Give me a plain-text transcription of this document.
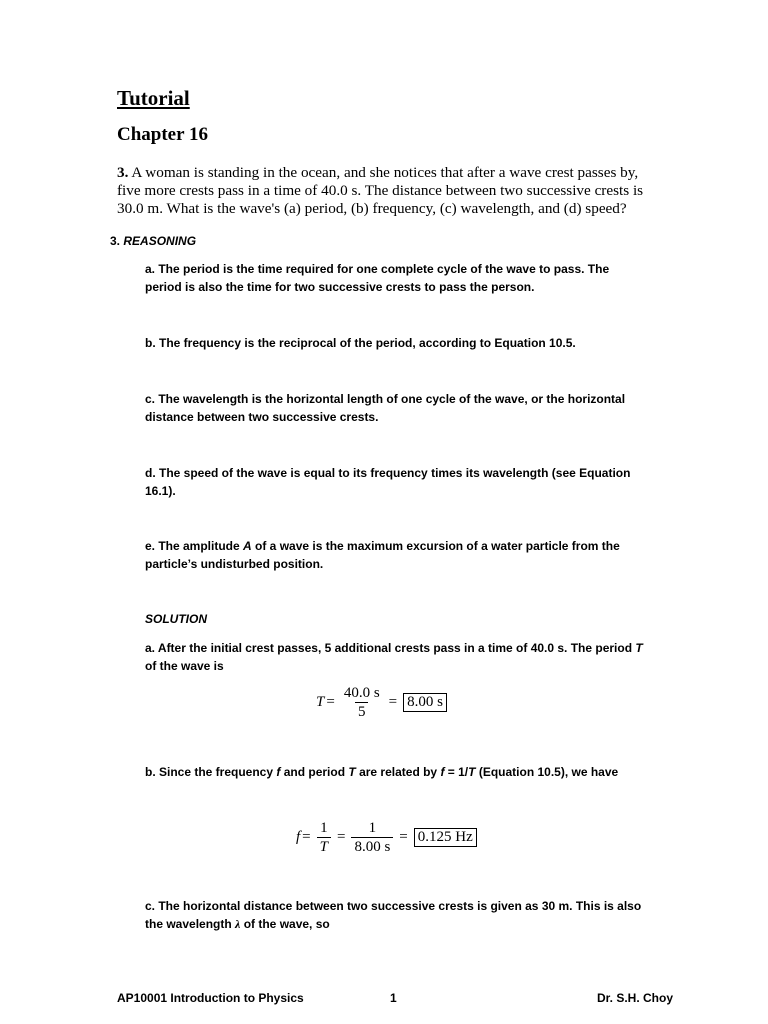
Tutorial
Chapter 16
3. A woman is standing in the ocean, and she notices that after a wave crest passes by, five more crests pass in a time of 40.0 s. The distance between two successive crests is 30.0 m. What is the wave's (a) period, (b) frequency, (c) wavelength, and (d) speed?
3. REASONING
a. The period is the time required for one complete cycle of the wave to pass. The period is also the time for two successive crests to pass the person.
b. The frequency is the reciprocal of the period, according to Equation 10.5.
c. The wavelength is the horizontal length of one cycle of the wave, or the horizontal distance between two successive crests.
d. The speed of the wave is equal to its frequency times its wavelength (see Equation 16.1).
e. The amplitude A of a wave is the maximum excursion of a water particle from the particle’s undisturbed position.
SOLUTION
a. After the initial crest passes, 5 additional crests pass in a time of 40.0 s. The period T of the wave is
$T = \frac{40.0 s}{5} = 8.00$ s
b. Since the frequency f and period T are related by f = 1/T (Equation 10.5), we have
$f = \frac{1}{T} = \frac{1}{8.00 s} = 0.125$ Hz
c. The horizontal distance between two successive crests is given as 30 m. This is also the wavelength λ of the wave, so
AP10001 Introduction to Physics	1	Dr. S.H. Choy
